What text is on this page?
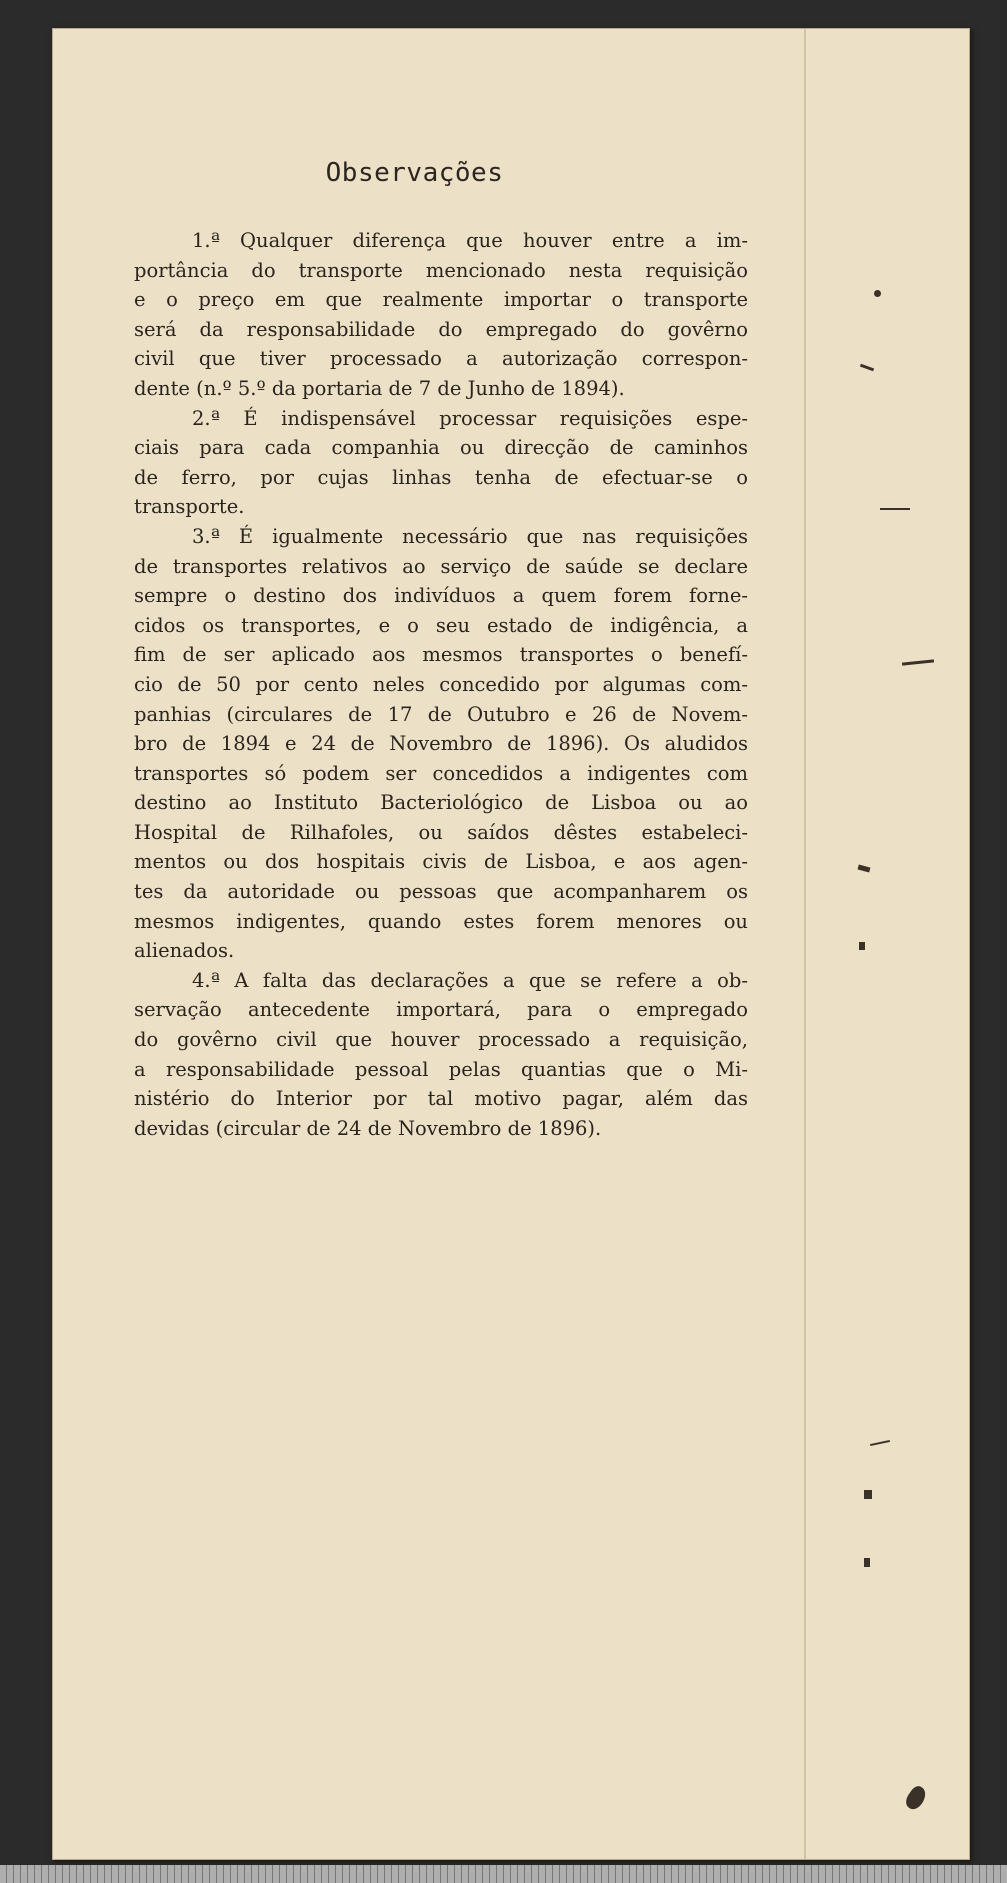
Observações
1.ª Qualquer diferença que houver entre a im-
portância do transporte mencionado nesta requisição
e o preço em que realmente importar o transporte
será da responsabilidade do empregado do govêrno
civil que tiver processado a autorização correspon-
dente (n.º 5.º da portaria de 7 de Junho de 1894).
2.ª É indispensável processar requisições espe-
ciais para cada companhia ou direcção de caminhos
de ferro, por cujas linhas tenha de efectuar-se o
transporte.
3.ª É igualmente necessário que nas requisições
de transportes relativos ao serviço de saúde se declare
sempre o destino dos indivíduos a quem forem forne-
cidos os transportes, e o seu estado de indigência, a
fim de ser aplicado aos mesmos transportes o benefí-
cio de 50 por cento neles concedido por algumas com-
panhias (circulares de 17 de Outubro e 26 de Novem-
bro de 1894 e 24 de Novembro de 1896). Os aludidos
transportes só podem ser concedidos a indigentes com
destino ao Instituto Bacteriológico de Lisboa ou ao
Hospital de Rilhafoles, ou saídos dêstes estabeleci-
mentos ou dos hospitais civis de Lisboa, e aos agen-
tes da autoridade ou pessoas que acompanharem os
mesmos indigentes, quando estes forem menores ou
alienados.
4.ª A falta das declarações a que se refere a ob-
servação antecedente importará, para o empregado
do govêrno civil que houver processado a requisição,
a responsabilidade pessoal pelas quantias que o Mi-
nistério do Interior por tal motivo pagar, além das
devidas (circular de 24 de Novembro de 1896).
